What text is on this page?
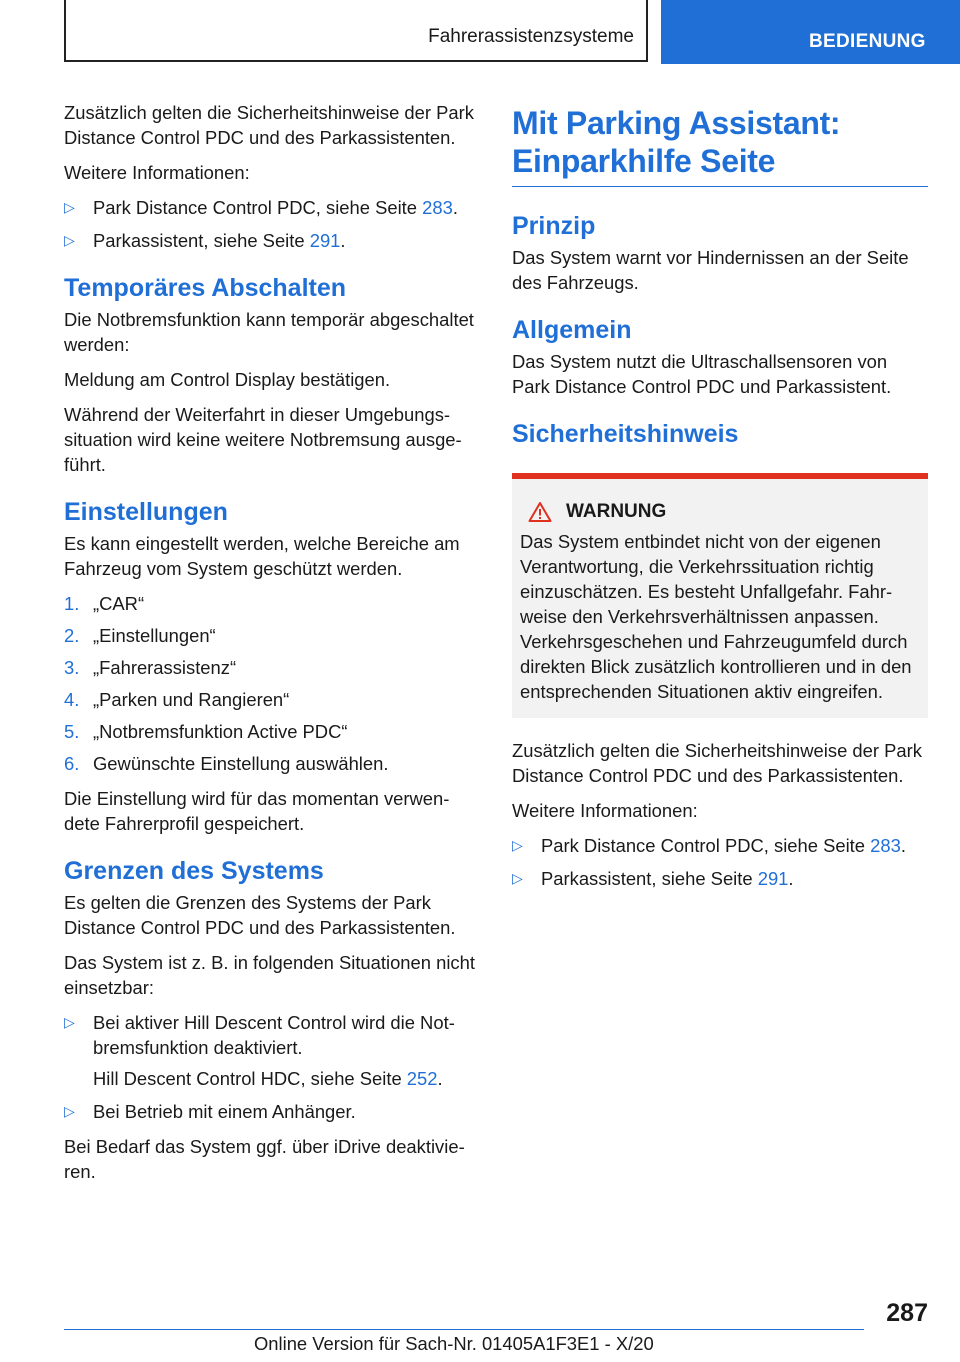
Fahrerassistenzsysteme	BEDIENUNG

Zusätzlich gelten die Sicherheitshinweise der Park Distance Control PDC und des Parkassistenten.

Weitere Informationen:

▷ Park Distance Control PDC, siehe Seite 283.
▷ Parkassistent, siehe Seite 291.
Temporäres Abschalten

Die Notbremsfunktion kann temporär abgeschaltet werden:

Meldung am Control Display bestätigen.

Während der Weiterfahrt in dieser Umgebungssituation wird keine weitere Notbremsung ausgeführt.

Einstellungen

Es kann eingestellt werden, welche Bereiche am Fahrzeug vom System geschützt werden.

1. „CAR“
2. „Einstellungen“
3. „Fahrerassistenz“
4. „Parken und Rangieren“
5. „Notbremsfunktion Active PDC“
6. Gewünschte Einstellung auswählen.

Die Einstellung wird für das momentan verwendete Fahrerprofil gespeichert.

Grenzen des Systems

Es gelten die Grenzen des Systems der Park Distance Control PDC und des Parkassistenten.

Das System ist z. B. in folgenden Situationen nicht einsetzbar:

▷ Bei aktiver Hill Descent Control wird die Notbremsfunktion deaktiviert.
Hill Descent Control HDC, siehe Seite 252.
▷ Bei Betrieb mit einem Anhänger.

Bei Bedarf das System ggf. über iDrive deaktivieren.

Mit Parking Assistant: Einparkhilfe Seite
Prinzip

Das System warnt vor Hindernissen an der Seite des Fahrzeugs.

Allgemein

Das System nutzt die Ultraschallsensoren von Park Distance Control PDC und Parkassistent.

Sicherheitshinweis
WARNUNG

Das System entbindet nicht von der eigenen Verantwortung, die Verkehrssituation richtig einzuschätzen. Es besteht Unfallgefahr. Fahrweise den Verkehrsverhältnissen anpassen. Verkehrsgeschehen und Fahrzeugumfeld durch direkten Blick zusätzlich kontrollieren und in den entsprechenden Situationen aktiv eingreifen.

Zusätzlich gelten die Sicherheitshinweise der Park Distance Control PDC und des Parkassistenten.

Weitere Informationen:

▷ Park Distance Control PDC, siehe Seite 283.
▷ Parkassistent, siehe Seite 291.
287
Online Version für Sach-Nr. 01405A1F3E1 - X/20
